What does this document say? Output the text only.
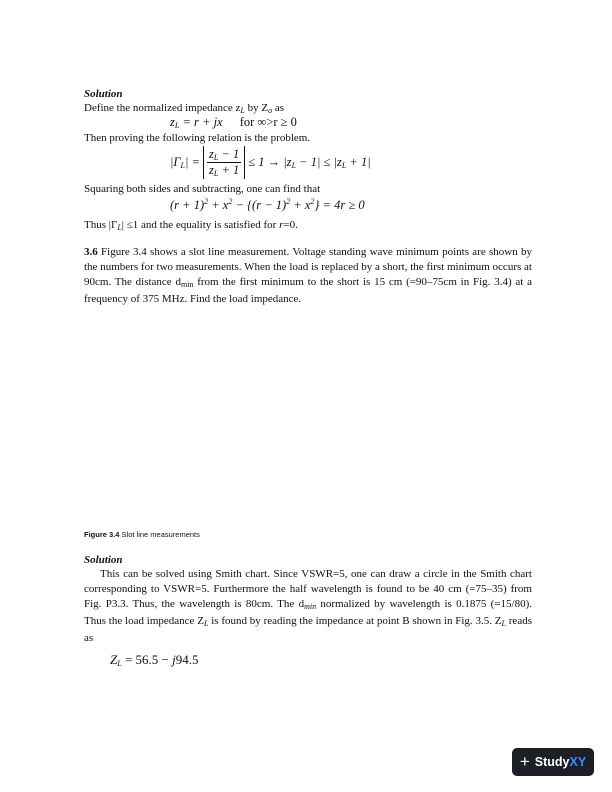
Solution
Define the normalized impedance $z_L$ by $Z_o$ as
$z_L = r$ + jx for ∞>r ≥ 0
Then proving the following relation is the problem.
$|\Gamma_L| = \frac{z_L - 1}{z_L + 1} \le 1 \to |z_L - 1| \le |z_L + 1|$
Squaring both sides and subtracting, one can find that
$(r + 1)^2 + x^2 - \{(r - 1)^2 + x^2\} = 4r \ge 0$
Thus $|\Gamma_L| \le 1$ and the equality is satisfied for r=0.
3.6 Figure 3.4 shows a slot line measurement. Voltage standing wave minimum points are shown by the numbers for two measurements. When the load is replaced by a short, the first minimum occurs at 90cm. The distance $d_{min}$ from the first minimum to the short is 15 cm (=90–75cm in Fig. 3.4) at a frequency of 375 MHz. Find the load impedance.
Figure 3.4 Slot line measurements
Solution
This can be solved using Smith chart. Since VSWR=5, one can draw a circle in the Smith chart corresponding to VSWR=5. Furthermore the half wavelength is found to be 40 cm (=75–35) from Fig. P3.3. Thus, the wavelength is 80cm. The $d_{min}$ normalized by wavelength is 0.1875 (=15/80). Thus the load impedance $Z_L$ is found by reading the impedance at point B shown in Fig. 3.5. $Z_L$ reads as
$Z_L = 56.5 - j94.5$
+ StudyXY
